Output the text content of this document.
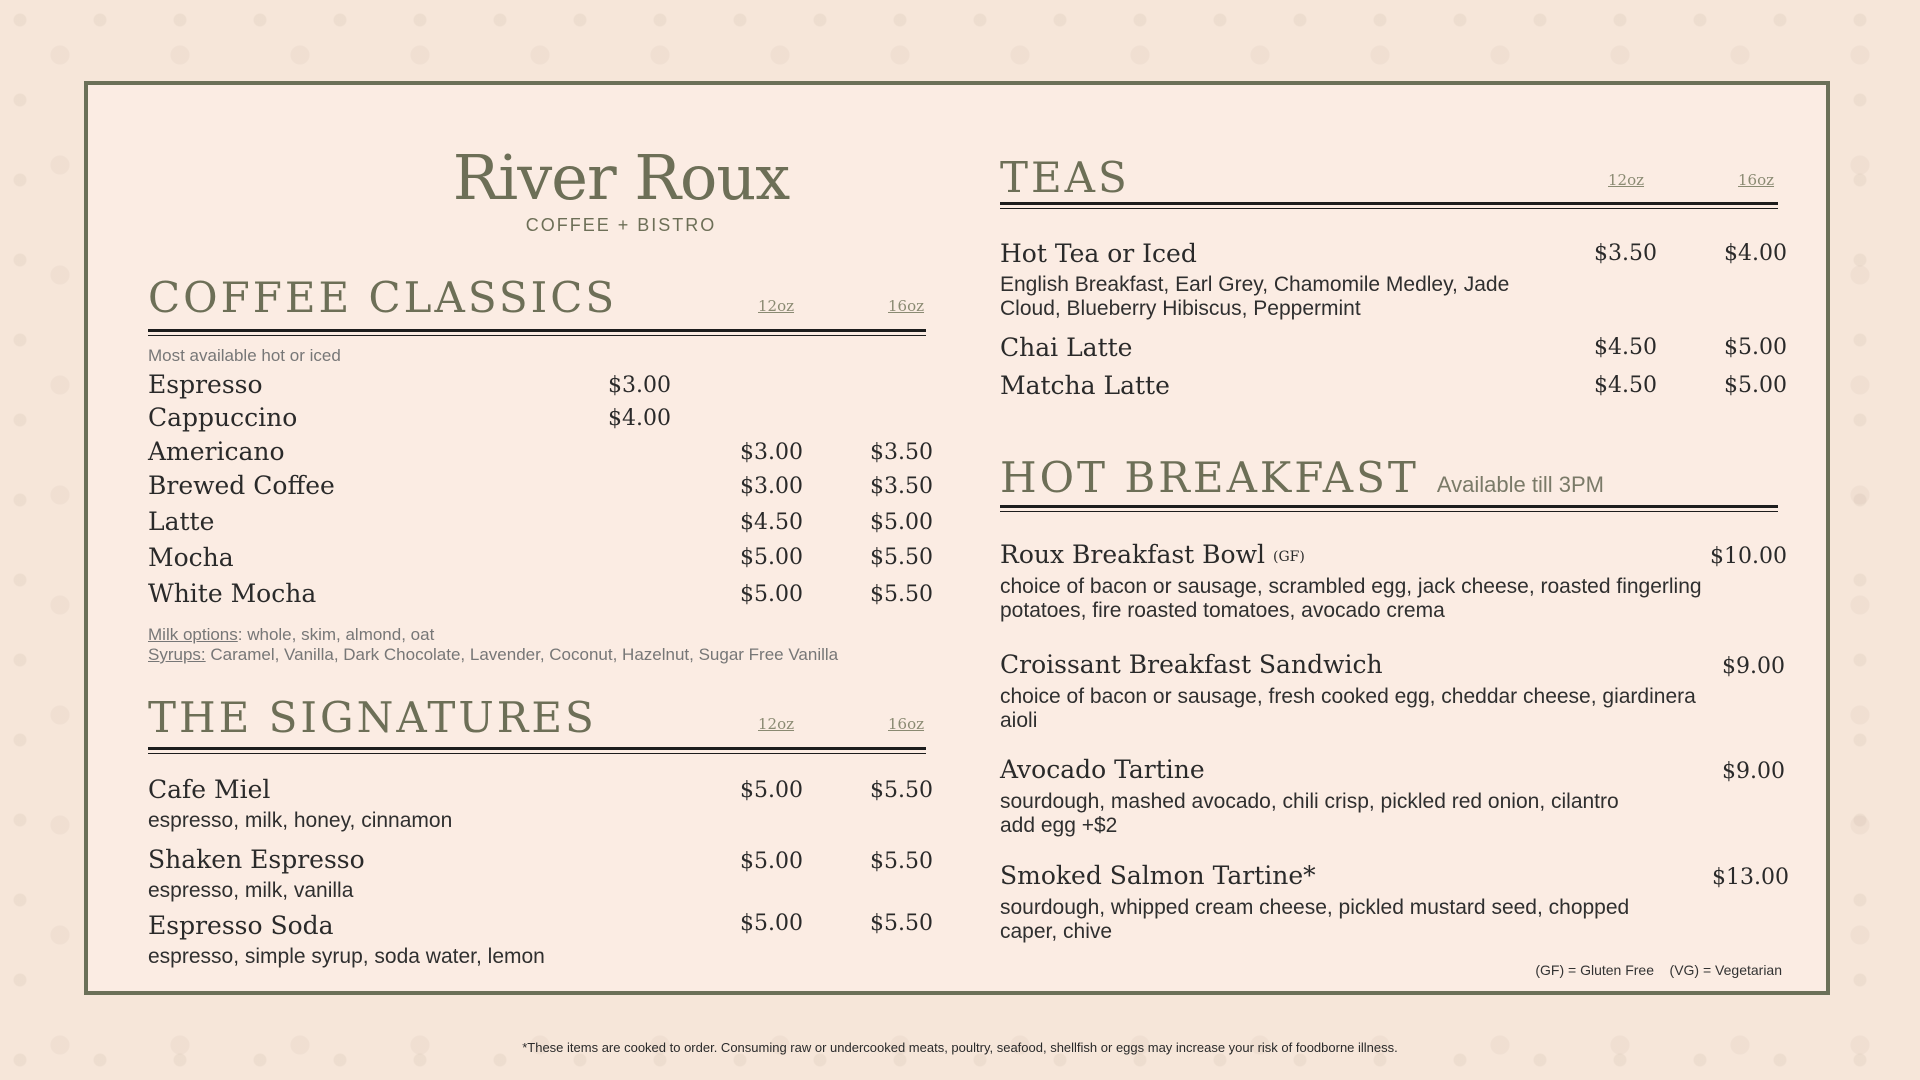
River Roux
COFFEE + BISTRO
COFFEE CLASSICS	12oz	16oz
Most available hot or iced
Espresso	$3.00
Cappuccino	$4.00
Americano	$3.00	$3.50
Brewed Coffee	$3.00	$3.50
Latte	$4.50	$5.00
Mocha	$5.00	$5.50
White Mocha	$5.00	$5.50
Milk options: whole, skim, almond, oat
Syrups: Caramel, Vanilla, Dark Chocolate, Lavender, Coconut, Hazelnut, Sugar Free Vanilla
THE SIGNATURES	12oz	16oz
Cafe Miel
espresso, milk, honey, cinnamon
$5.00	$5.50
Shaken Espresso
espresso, milk, vanilla
$5.00	$5.50
Espresso Soda
espresso, simple syrup, soda water, lemon
$5.00	$5.50
TEAS	12oz	16oz
Hot Tea or Iced	$3.50	$4.00
English Breakfast, Earl Grey, Chamomile Medley, Jade Cloud, Blueberry Hibiscus, Peppermint
Chai Latte	$4.50	$5.00
Matcha Latte	$4.50	$5.00
HOT BREAKFAST Available till 3PM
Roux Breakfast Bowl (GF)	$10.00
choice of bacon or sausage, scrambled egg, jack cheese, roasted fingerling potatoes, fire roasted tomatoes, avocado crema
Croissant Breakfast Sandwich	$9.00
choice of bacon or sausage, fresh cooked egg, cheddar cheese, giardinera aioli
Avocado Tartine	$9.00
sourdough, mashed avocado, chili crisp, pickled red onion, cilantro
add egg +$2
Smoked Salmon Tartine*	$13.00
sourdough, whipped cream cheese, pickled mustard seed, chopped caper, chive
(GF) = Gluten Free    (VG) = Vegetarian
*These items are cooked to order. Consuming raw or undercooked meats, poultry, seafood, shellfish or eggs may increase your risk of foodborne illness.
